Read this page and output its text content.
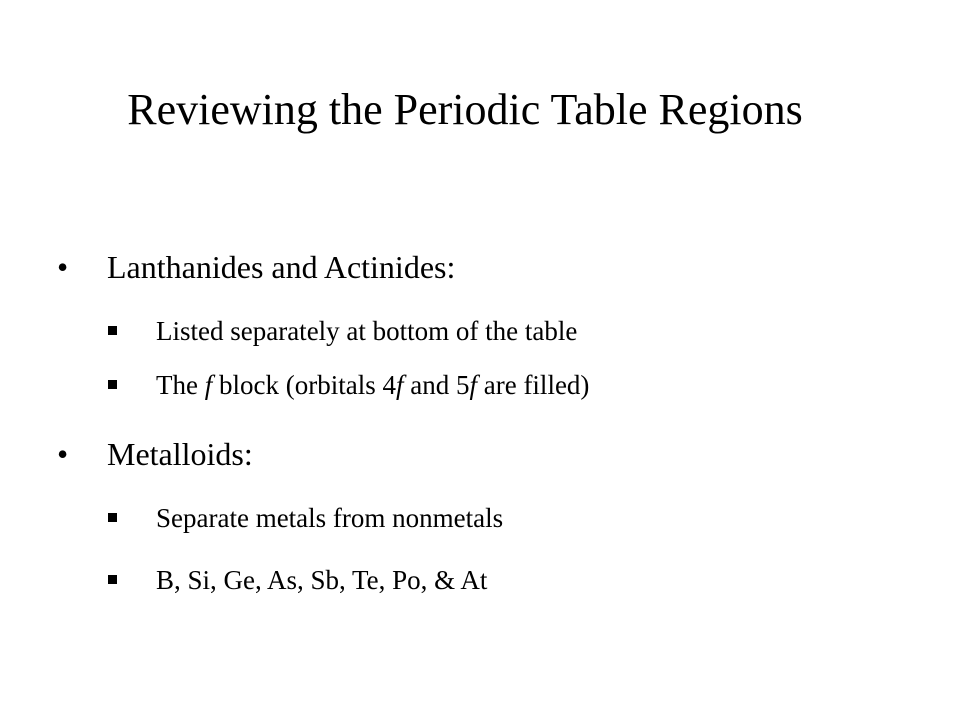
Reviewing the Periodic Table Regions
• Lanthanides and Actinides:
Listed separately at bottom of the table
The f block (orbitals 4f and 5f are filled)
• Metalloids:
Separate metals from nonmetals
B, Si, Ge, As, Sb, Te, Po, & At
